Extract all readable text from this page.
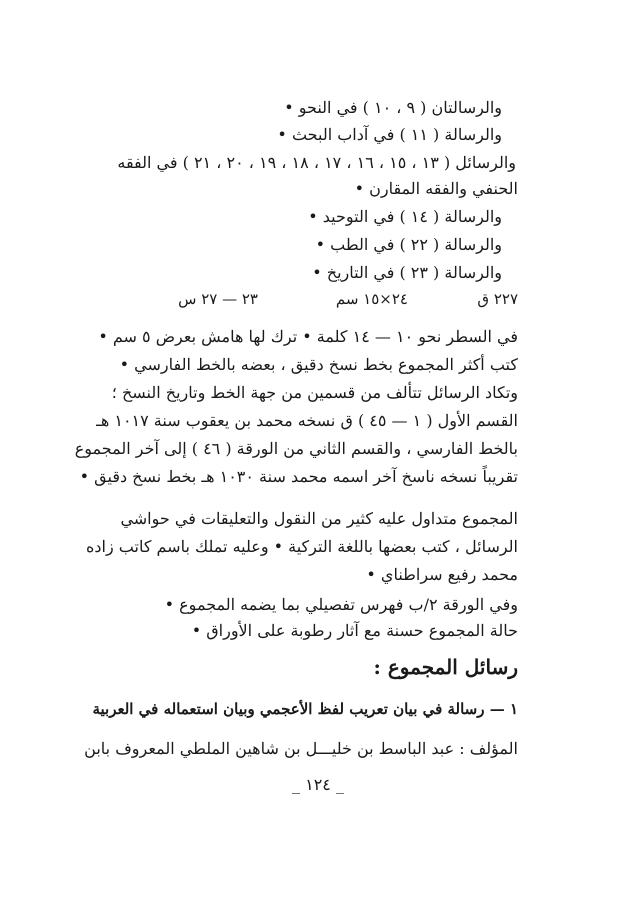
والرسالتان ( ٩ ، ١٠ ) في النحو •
والرسالة ( ١١ ) في آداب البحث •
والرسائل ( ١٣ ، ١٥ ، ١٦ ، ١٧ ، ١٨ ، ١٩ ، ٢٠ ، ٢١ ) في الفقه
الحنفي والفقه المقارن •
والرسالة ( ١٤ ) في التوحيد •
والرسالة ( ٢٢ ) في الطب •
والرسالة ( ٢٣ ) في التاريخ •
٢٢٧ ق
٢٤×١٥ سم
٢٣ — ٢٧ س
في السطر نحو ١٠ — ١٤ كلمة • ترك لها هامش بعرض ٥ سم •
كتب أكثر المجموع بخط نسخ دقيق ، بعضه بالخط الفارسي •
وتكاد الرسائل تتألف من قسمين من جهة الخط وتاريخ النسخ ؛
القسم الأول ( ١ — ٤٥ ) ق نسخه محمد بن يعقوب سنة ١٠١٧ هـ
بالخط الفارسي ، والقسم الثاني من الورقة ( ٤٦ ) إلى آخر المجموع
تقريباً نسخه ناسخ آخر اسمه محمد سنة ١٠٣٠ هـ بخط نسخ دقيق •
المجموع متداول عليه كثير من النقول والتعليقات في حواشي
الرسائل ، كتب بعضها باللغة التركية • وعليه تملك باسم كاتب زاده
محمد رفيع سراطناي •
وفي الورقة ٢/ب فهرس تفصيلي بما يضمه المجموع •
حالة المجموع حسنة مع آثار رطوبة على الأوراق •
رسائل المجموع :
١ — رسالة في بيان تعريب لفظ الأعجمي وبيان استعماله في العربية
المؤلف : عبد الباسط بن خليـــل بن شاهين الملطي المعروف بابن
_ ١٢٤ _
